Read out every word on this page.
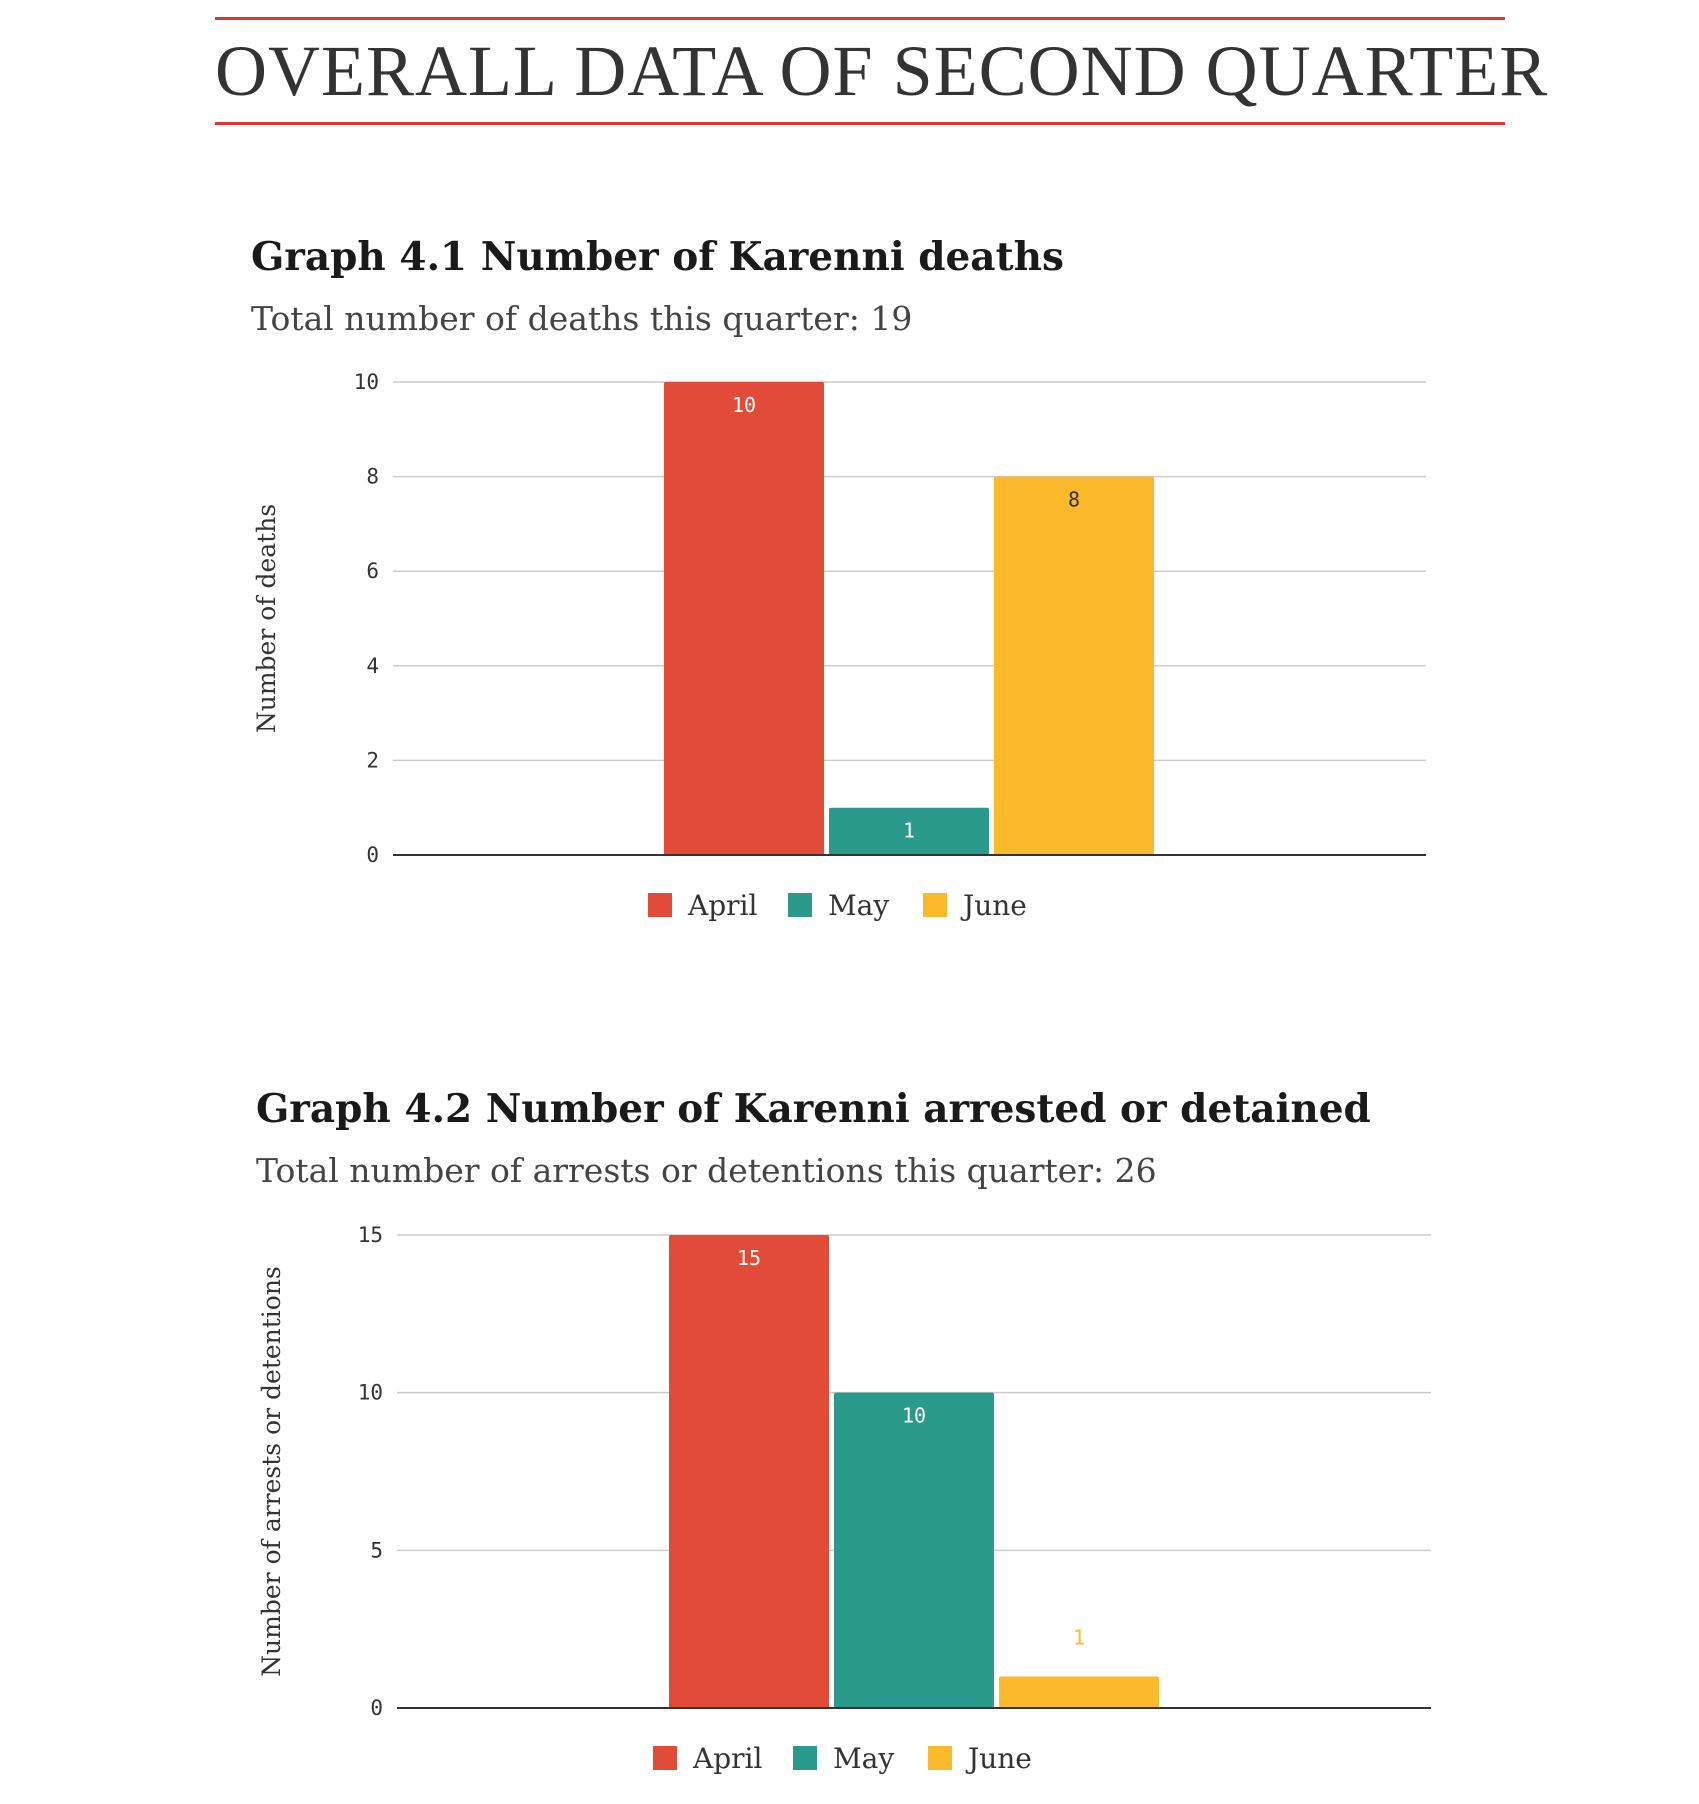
OVERALL DATA OF SECOND QUARTER
Graph 4.1 Number of Karenni deaths
Total number of deaths this quarter: 19
0
2
4
6
8
10
10
1
8
Number of deaths
April	May	June
Graph 4.2 Number of Karenni arrested or detained
Total number of arrests or detentions this quarter: 26
0
5
10
15
15
10
1
Number of arrests or detentions
April	May	June
